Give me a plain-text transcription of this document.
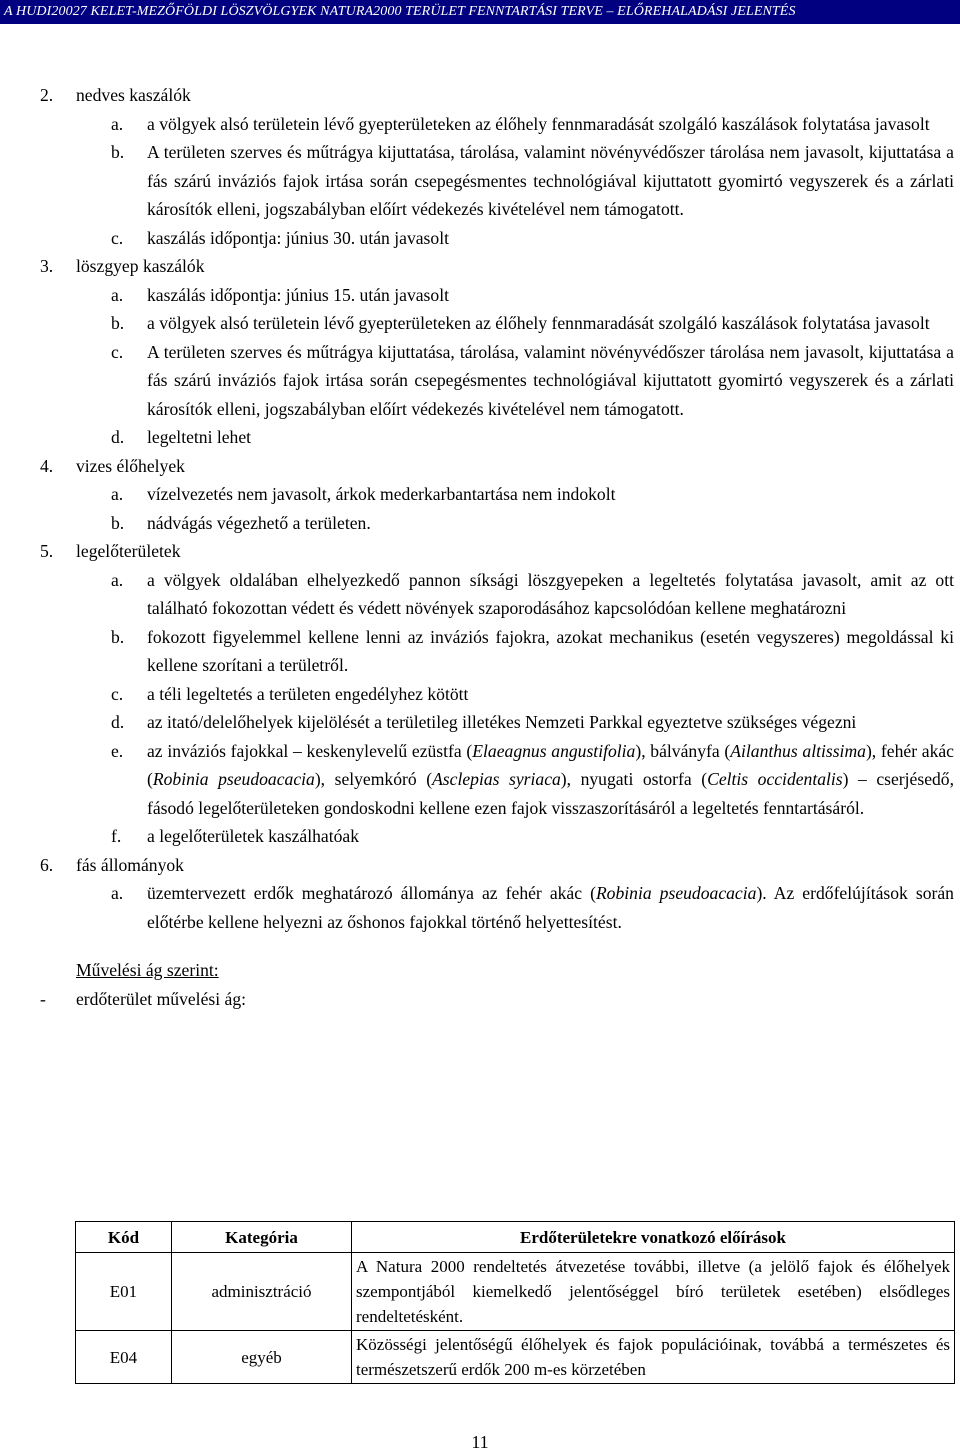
A HUDI20027 KELET-MEZŐFÖLDI LÖSZVÖLGYEK NATURA2000 TERÜLET FENNTARTÁSI TERVE – ELŐREHALADÁSI JELENTÉS
2. nedves kaszálók
a. a völgyek alsó területein lévő gyepterületeken az élőhely fennmaradását szolgáló kaszálások folytatása javasolt
b. A területen szerves és műtrágya kijuttatása, tárolása, valamint növényvédőszer tárolása nem javasolt, kijuttatása a fás szárú inváziós fajok irtása során csepegésmentes technológiával kijuttatott gyomirtó vegyszerek és a zárlati károsítók elleni, jogszabályban előírt védekezés kivételével nem támogatott.
c. kaszálás időpontja: június 30. után javasolt
3. löszgyep kaszálók
a. kaszálás időpontja: június 15. után javasolt
b. a völgyek alsó területein lévő gyepterületeken az élőhely fennmaradását szolgáló kaszálások folytatása javasolt
c. A területen szerves és műtrágya kijuttatása, tárolása, valamint növényvédőszer tárolása nem javasolt, kijuttatása a fás szárú inváziós fajok irtása során csepegésmentes technológiával kijuttatott gyomirtó vegyszerek és a zárlati károsítók elleni, jogszabályban előírt védekezés kivételével nem támogatott.
d. legeltetni lehet
4. vizes élőhelyek
a. vízelvezetés nem javasolt, árkok mederkarbantartása nem indokolt
b. nádvágás végezhető a területen.
5. legelőterületek
a. a völgyek oldalában elhelyezkedő pannon síksági löszgyepeken a legeltetés folytatása javasolt, amit az ott található fokozottan védett és védett növények szaporodásához kapcsolódóan kellene meghatározni
b. fokozott figyelemmel kellene lenni az inváziós fajokra, azokat mechanikus (esetén vegyszeres) megoldással ki kellene szorítani a területről.
c. a téli legeltetés a területen engedélyhez kötött
d. az itató/delelőhelyek kijelölését a területileg illetékes Nemzeti Parkkal egyeztetve szükséges végezni
e. az inváziós fajokkal – keskenylevelű ezüstfa (Elaeagnus angustifolia), bálványfa (Ailanthus altissima), fehér akác (Robinia pseudoacacia), selyemkóró (Asclepias syriaca), nyugati ostorfa (Celtis occidentalis) – cserjésedő, fásodó legelőterületeken gondoskodni kellene ezen fajok visszaszorításáról a legeltetés fenntartásáról.
f. a legelőterületek kaszálhatóak
6. fás állományok
a. üzemtervezett erdők meghatározó állománya az fehér akác (Robinia pseudoacacia). Az erdőfelújítások során előtérbe kellene helyezni az őshonos fajokkal történő helyettesítést.
Művelési ág szerint:
- erdőterület művelési ág:
Kód	Kategória	Erdőterületekre vonatkozó előírások
E01	adminisztráció	A Natura 2000 rendeltetés átvezetése további, illetve (a jelölő fajok és élőhelyek szempontjából kiemelkedő jelentőséggel bíró területek esetében) elsődleges rendeltetésként.
E04	egyéb	Közösségi jelentőségű élőhelyek és fajok populációinak, továbbá a természetes és természetszerű erdők 200 m-es körzetében
11
